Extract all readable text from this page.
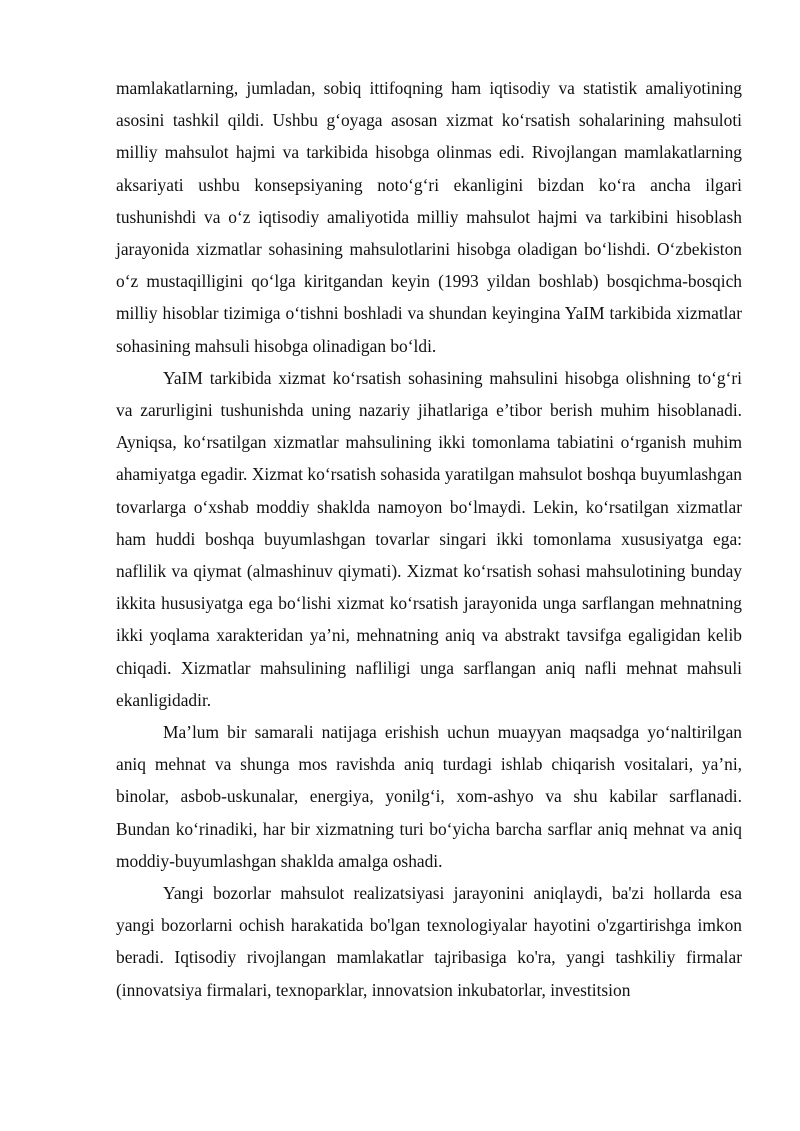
mamlakatlarning, jumladan, sobiq ittifoqning ham iqtisodiy va statistik amaliyotining asosini tashkil qildi. Ushbu g‘oyaga asosan xizmat ko‘rsatish sohalarining mahsuloti milliy mahsulot hajmi va tarkibida hisobga olinmas edi. Rivojlangan mamlakatlarning aksariyati ushbu konsepsiyaning noto‘g‘ri ekanligini bizdan ko‘ra ancha ilgari tushunishdi va o‘z iqtisodiy amaliyotida milliy mahsulot hajmi va tarkibini hisoblash jarayonida xizmatlar sohasining mahsulotlarini hisobga oladigan bo‘lishdi. O‘zbekiston o‘z mustaqilligini qo‘lga kiritgandan keyin (1993 yildan boshlab) bosqichma-bosqich milliy hisoblar tizimiga o‘tishni boshladi va shundan keyingina YaIM tarkibida xizmatlar sohasining mahsuli hisobga olinadigan bo‘ldi.

YaIM tarkibida xizmat ko‘rsatish sohasining mahsulini hisobga olishning to‘g‘ri va zarurligini tushunishda uning nazariy jihatlariga e’tibor berish muhim hisoblanadi. Ayniqsa, ko‘rsatilgan xizmatlar mahsulining ikki tomonlama tabiatini o‘rganish muhim ahamiyatga egadir. Xizmat ko‘rsatish sohasida yaratilgan mahsulot boshqa buyumlashgan tovarlarga o‘xshab moddiy shaklda namoyon bo‘lmaydi. Lekin, ko‘rsatilgan xizmatlar ham huddi boshqa buyumlashgan tovarlar singari ikki tomonlama xususiyatga ega: naflilik va qiymat (almashinuv qiymati). Xizmat ko‘rsatish sohasi mahsulotining bunday ikkita hususiyatga ega bo‘lishi xizmat ko‘rsatish jarayonida unga sarflangan mehnatning ikki yoqlama xarakteridan ya’ni, mehnatning aniq va abstrakt tavsifga egaligidan kelib chiqadi. Xizmatlar mahsulining nafliligi unga sarflangan aniq nafli mehnat mahsuli ekanligidadir.

Ma’lum bir samarali natijaga erishish uchun muayyan maqsadga yo‘naltirilgan aniq mehnat va shunga mos ravishda aniq turdagi ishlab chiqarish vositalari, ya’ni, binolar, asbob-uskunalar, energiya, yonilg‘i, xom-ashyo va shu kabilar sarflanadi. Bundan ko‘rinadiki, har bir xizmatning turi bo‘yicha barcha sarflar aniq mehnat va aniq moddiy-buyumlashgan shaklda amalga oshadi.

Yangi bozorlar mahsulot realizatsiyasi jarayonini aniqlaydi, ba'zi hollarda esa yangi bozorlarni ochish harakatida bo'lgan texnologiyalar hayotini o'zgartirishga imkon beradi. Iqtisodiy rivojlangan mamlakatlar tajribasiga ko'ra, yangi tashkiliy firmalar (innovatsiya firmalari, texnoparklar, innovatsion inkubatorlar, investitsion
